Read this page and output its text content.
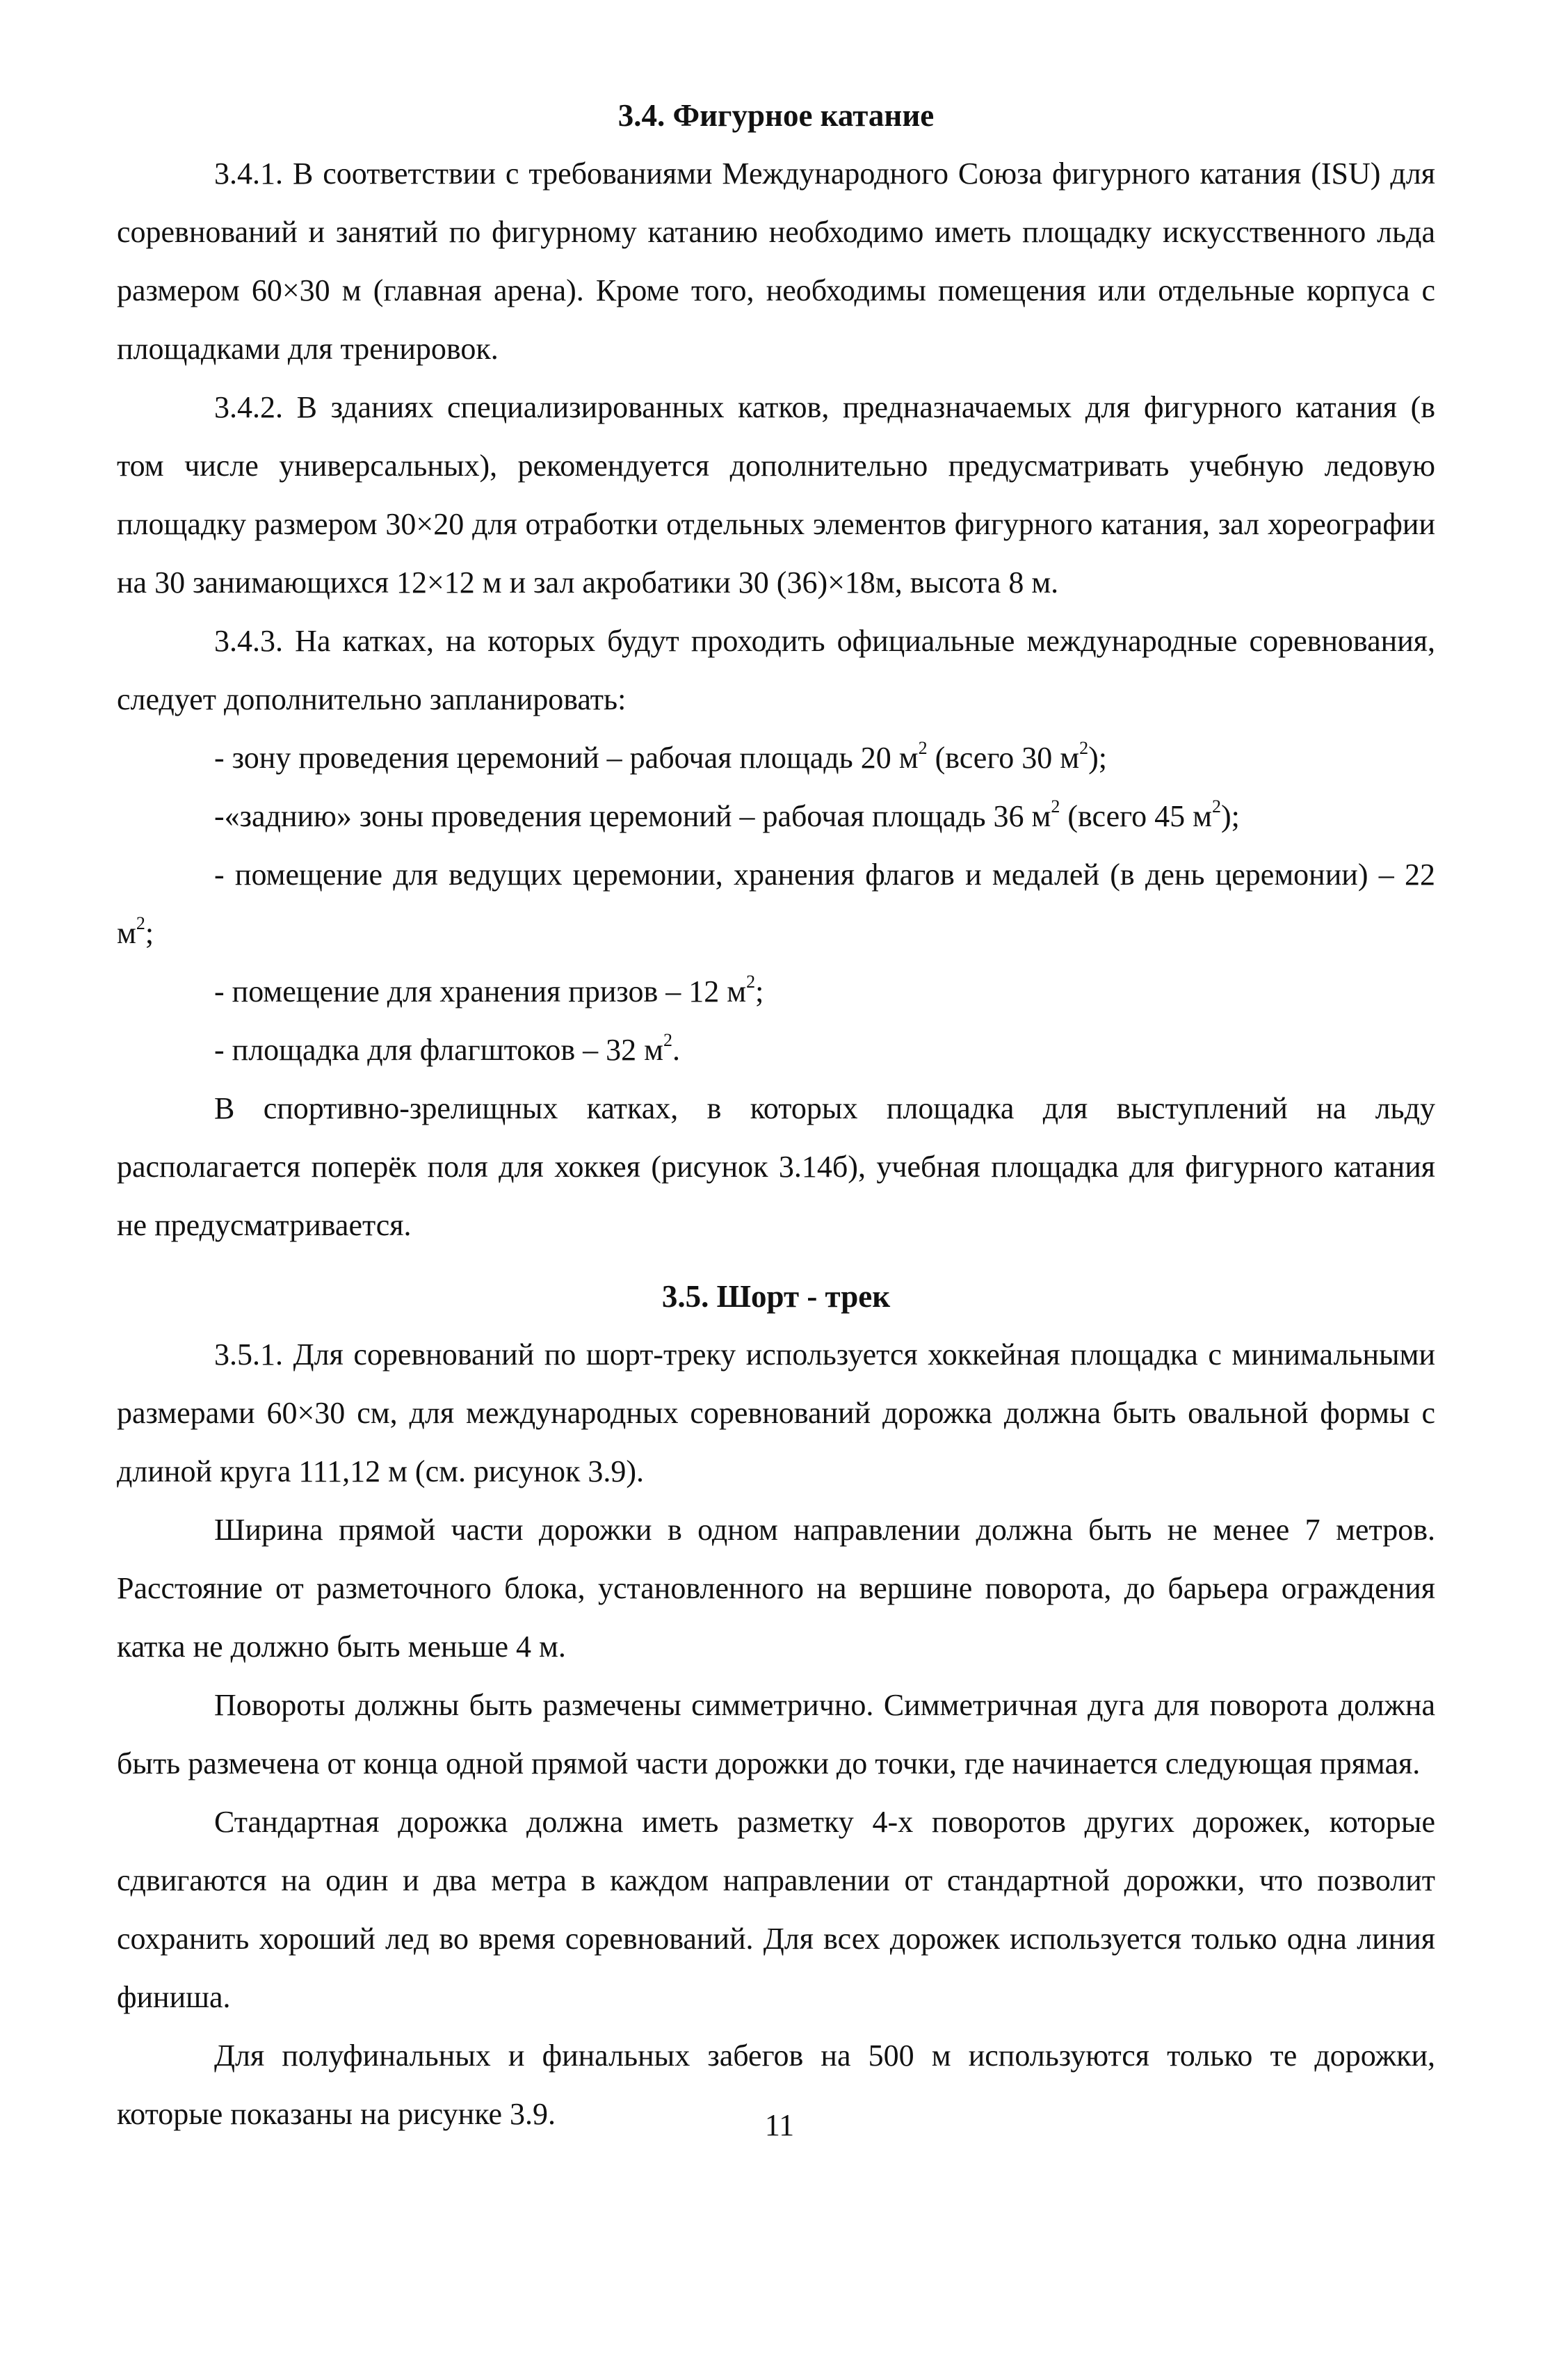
3.4. Фигурное катание

3.4.1. В соответствии с требованиями Международного Союза фигурного катания (ISU) для соревнований и занятий по фигурному катанию необходимо иметь площадку искусственного льда размером 60×30 м (главная арена). Кроме того, необходимы помещения или отдельные корпуса с площадками для тренировок.

3.4.2. В зданиях специализированных катков, предназначаемых для фигурного катания (в том числе универсальных), рекомендуется дополнительно предусматривать учебную ледовую площадку размером 30×20 для отработки отдельных элементов фигурного катания, зал хореографии на 30 занимающихся 12×12 м и зал акробатики 30 (36)×18м, высота 8 м.

3.4.3. На катках, на которых будут проходить официальные международные соревнования, следует дополнительно запланировать:

- зону проведения церемоний – рабочая площадь 20 $м^2$ (всего 30 $м^2$);

-«заднию» зоны проведения церемоний – рабочая площадь 36 $м^2$ (всего 45 $м^2$);

- помещение для ведущих церемонии, хранения флагов и медалей (в день церемонии) – 22 $м^2$;

- помещение для хранения призов – 12 $м^2$;

- площадка для флагштоков – 32 $м^2$.

В спортивно-зрелищных катках, в которых площадка для выступлений на льду располагается поперёк поля для хоккея (рисунок 3.14б), учебная площадка для фигурного катания не предусматривается.

3.5. Шорт - трек

3.5.1. Для соревнований по шорт-треку используется хоккейная площадка с минимальными размерами 60×30 см, для международных соревнований дорожка должна быть овальной формы с длиной круга 111,12 м (см. рисунок 3.9).

Ширина прямой части дорожки в одном направлении должна быть не менее 7 метров. Расстояние от разметочного блока, установленного на вершине поворота, до барьера ограждения катка не должно быть меньше 4 м.

Повороты должны быть размечены симметрично. Симметричная дуга для поворота должна быть размечена от конца одной прямой части дорожки до точки, где начинается следующая прямая.

Стандартная дорожка должна иметь разметку 4-х поворотов других дорожек, которые сдвигаются на один и два метра в каждом направлении от стандартной дорожки, что позволит сохранить хороший лед во время соревнований. Для всех дорожек используется только одна линия финиша.

Для полуфинальных и финальных забегов на 500 м используются только те дорожки, которые показаны на рисунке 3.9.	11
